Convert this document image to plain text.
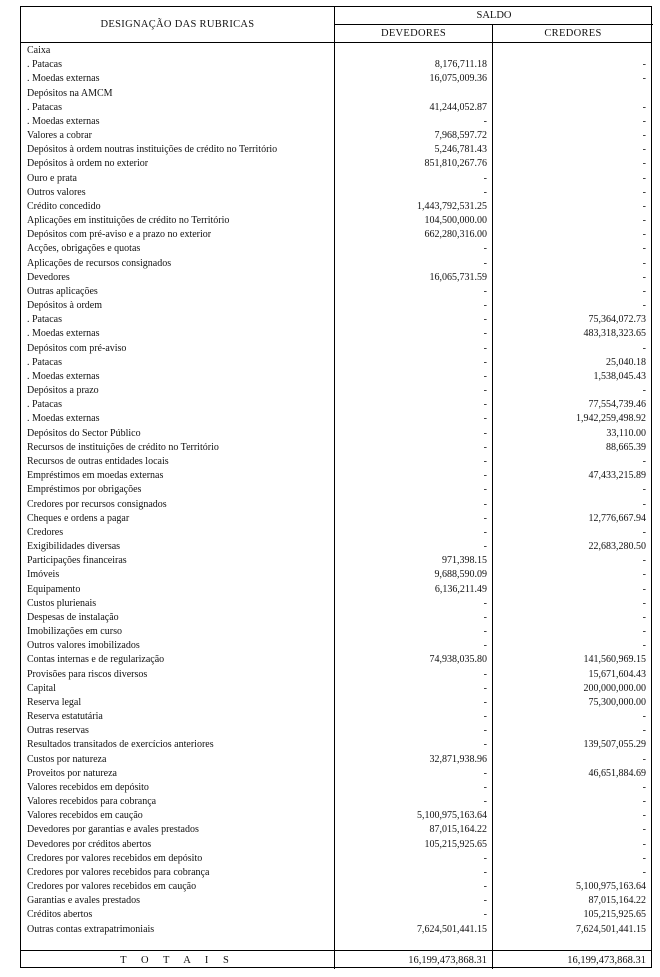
DESIGNAÇÃO DAS RUBRICAS
SALDO
DEVEDORES	CREDORES
Caixa
. Patacas	8,176,711.18	-
. Moedas externas	16,075,009.36	-
Depósitos na AMCM
. Patacas	41,244,052.87	-
. Moedas externas	-	-
Valores a cobrar	7,968,597.72	-
Depósitos à ordem noutras instituições de crédito no Território	5,246,781.43	-
Depósitos à ordem no exterior	851,810,267.76	-
Ouro e prata	-	-
Outros valores	-	-
Crédito concedido	1,443,792,531.25	-
Aplicações em instituições de crédito no Território	104,500,000.00	-
Depósitos com pré-aviso e a prazo no exterior	662,280,316.00	-
Acções, obrigações e quotas	-	-
Aplicações de recursos consignados	-	-
Devedores	16,065,731.59	-
Outras aplicações	-	-
Depósitos à ordem	-	-
. Patacas	-	75,364,072.73
. Moedas externas	-	483,318,323.65
Depósitos com pré-aviso	-	-
. Patacas	-	25,040.18
. Moedas externas	-	1,538,045.43
Depósitos a prazo	-	-
. Patacas	-	77,554,739.46
. Moedas externas	-	1,942,259,498.92
Depósitos do Sector Público	-	33,110.00
Recursos de instituições de crédito no Território	-	88,665.39
Recursos de outras entidades locais	-	-
Empréstimos em moedas externas	-	47,433,215.89
Empréstimos por obrigações	-	-
Credores por recursos consignados	-	-
Cheques e ordens a pagar	-	12,776,667.94
Credores	-	-
Exigibilidades diversas	-	22,683,280.50
Participações financeiras	971,398.15	-
Imóveis	9,688,590.09	-
Equipamento	6,136,211.49	-
Custos plurienais	-	-
Despesas de instalação	-	-
Imobilizações em curso	-	-
Outros valores imobilizados	-	-
Contas internas e de regularização	74,938,035.80	141,560,969.15
Provisões para riscos diversos	-	15,671,604.43
Capital	-	200,000,000.00
Reserva legal	-	75,300,000.00
Reserva estatutária	-	-
Outras reservas	-	-
Resultados transitados de exercícios anteriores	-	139,507,055.29
Custos por natureza	32,871,938.96	-
Proveitos por natureza	-	46,651,884.69
Valores recebidos em depósito	-	-
Valores recebidos para cobrança	-	-
Valores recebidos em caução	5,100,975,163.64	-
Devedores por garantias e avales prestados	87,015,164.22	-
Devedores por créditos abertos	105,215,925.65	-
Credores por valores recebidos em depósito	-	-
Credores por valores recebidos para cobrança	-	-
Credores por valores recebidos em caução	-	5,100,975,163.64
Garantias e avales prestados	-	87,015,164.22
Créditos abertos	-	105,215,925.65
Outras contas extrapatrimoniais	7,624,501,441.15	7,624,501,441.15
T O T A I S	16,199,473,868.31	16,199,473,868.31
